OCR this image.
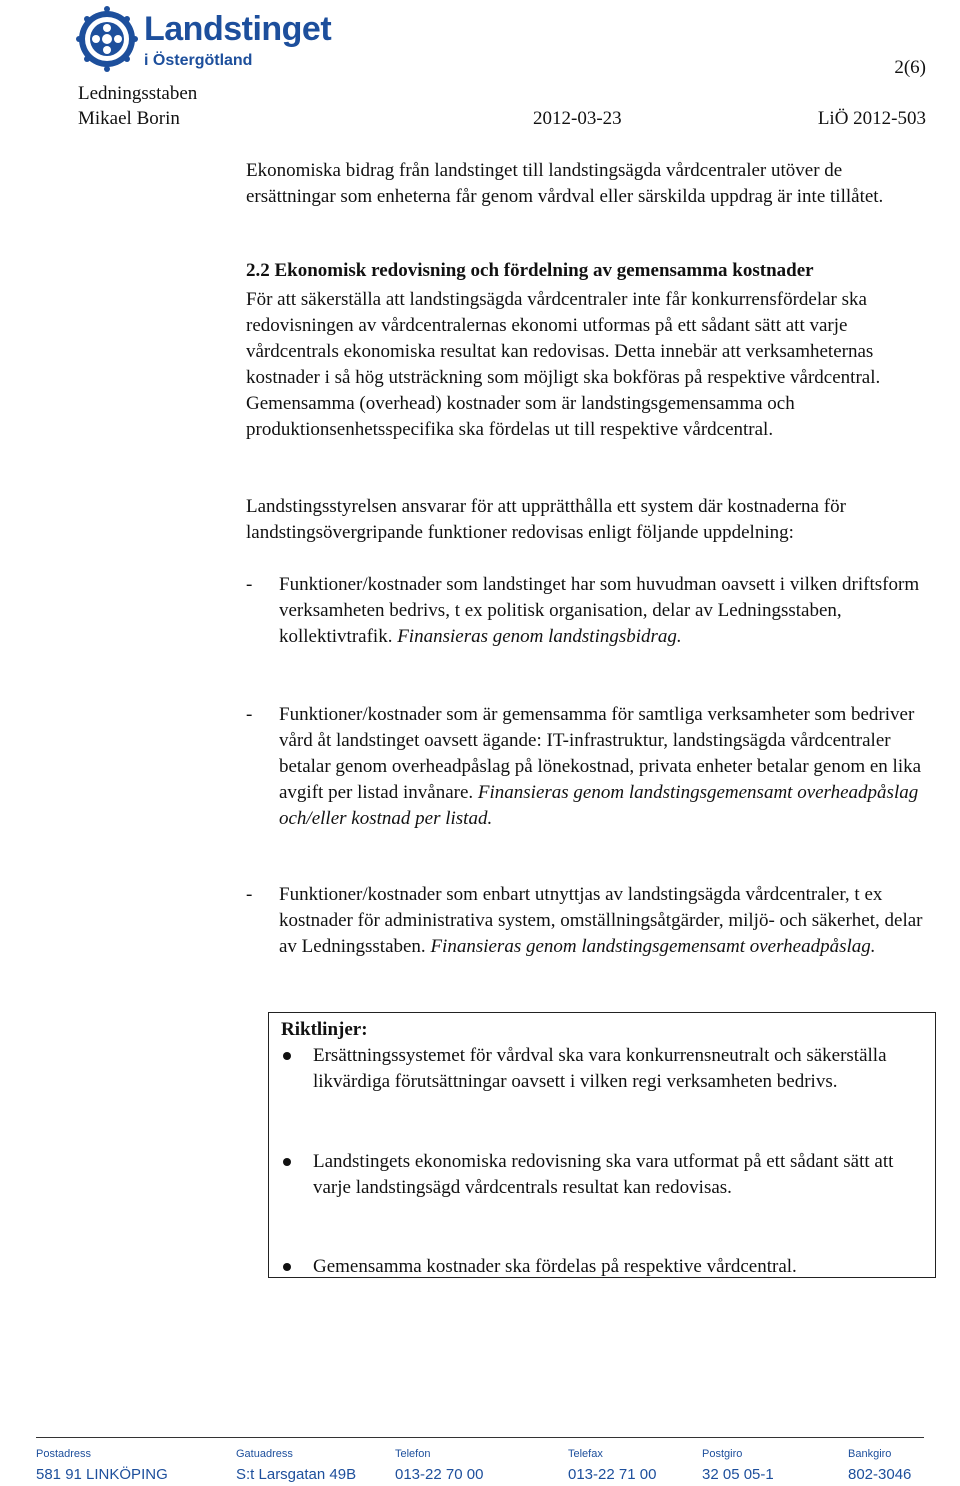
Landstinget
i Östergötland	2(6)
Ledningsstaben
Mikael Borin	2012-03-23	LiÖ 2012-503

Ekonomiska bidrag från landstinget till landstingsägda vårdcentraler utöver de ersättningar som enheterna får genom vårdval eller särskilda uppdrag är inte tillåtet.

2.2 Ekonomisk redovisning och fördelning av gemensamma kostnader

För att säkerställa att landstingsägda vårdcentraler inte får konkurrensfördelar ska redovisningen av vårdcentralernas ekonomi utformas på ett sådant sätt att varje vårdcentrals ekonomiska resultat kan redovisas. Detta innebär att verksamheternas kostnader i så hög utsträckning som möjligt ska bokföras på respektive vårdcentral. Gemensamma (overhead) kostnader som är landstingsgemensamma och produktionsenhetsspecifika ska fördelas ut till respektive vårdcentral.

Landstingsstyrelsen ansvarar för att upprätthålla ett system där kostnaderna för landstingsövergripande funktioner redovisas enligt följande uppdelning:

- Funktioner/kostnader som landstinget har som huvudman oavsett i vilken driftsform verksamheten bedrivs, t ex politisk organisation, delar av Ledningsstaben, kollektivtrafik. Finansieras genom landstingsbidrag.
- Funktioner/kostnader som är gemensamma för samtliga verksamheter som bedriver vård åt landstinget oavsett ägande: IT-infrastruktur, landstingsägda vårdcentraler betalar genom overheadpåslag på lönekostnad, privata enheter betalar genom en lika avgift per listad invånare. Finansieras genom landstingsgemensamt overheadpåslag och/eller kostnad per listad.
- Funktioner/kostnader som enbart utnyttjas av landstingsägda vårdcentraler, t ex kostnader för administrativa system, omställningsåtgärder, miljö- och säkerhet, delar av Ledningsstaben. Finansieras genom landstingsgemensamt overheadpåslag.
Riktlinjer:
Ersättningssystemet för vårdval ska vara konkurrensneutralt och säkerställa likvärdiga förutsättningar oavsett i vilken regi verksamheten bedrivs.
Landstingets ekonomiska redovisning ska vara utformat på ett sådant sätt att varje landstingsägd vårdcentrals resultat kan redovisas.
Gemensamma kostnader ska fördelas på respektive vårdcentral.
Postadress
581 91 LINKÖPING
Gatuadress
S:t Larsgatan 49B
Telefon
013-22 70 00
Telefax
013-22 71 00
Postgiro
32 05 05-1
Bankgiro
802-3046
